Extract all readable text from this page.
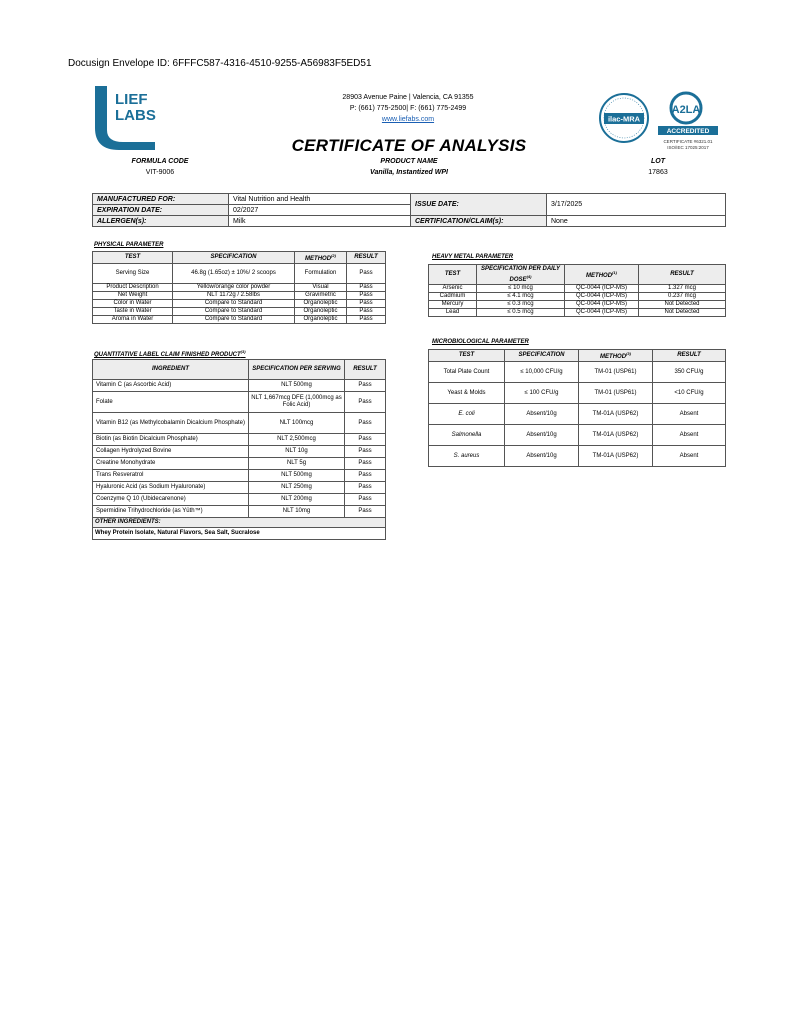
Docusign Envelope ID: 6FFFC587-4316-4510-9255-A56983F5ED51
LIEF
LABS
28903 Avenue Paine | Valencia, CA 91355
P: (661) 775-2500| F: (661) 775-2499
www.liefabs.com	ilac-MRA
A2LA
ACCREDITED
CERTIFICATE #6321.01
ISO/IEC 17025:2017
CERTIFICATE OF ANALYSIS
FORMULA CODE
VIT-9006
PRODUCT NAME
Vanilla, Instantized WPI
LOT
17863
MANUFACTURED FOR:	Vital Nutrition and Health	ISSUE DATE:	3/17/2025
EXPIRATION DATE:	02/2027		
ALLERGEN(s):	Milk	CERTIFICATION/CLAIM(s):	None
PHYSICAL PARAMETER
TEST	SPECIFICATION	METHOD$^{(2)}$	RESULT
Serving Size	46.8g (1.65oz) ± 10%/ 2 scoops	Formulation	Pass
Product Description	Yellow/orange color powder	Visual	Pass
Net Weight	NLT 1172g / 2.58lbs	Gravimetric	Pass
Color in Water	Compare to Standard	Organoleptic	Pass
Taste in Water	Compare to Standard	Organoleptic	Pass
Aroma in Water	Compare to Standard	Organoleptic	Pass
QUANTITATIVE LABEL CLAIM FINISHED PRODUCT$^{(3)}$
INGREDIENT	SPECIFICATION PER SERVING	RESULT
Vitamin C (as Ascorbic Acid)	NLT 500mg	Pass
Folate	NLT 1,667mcg DFE (1,000mcg as Folic Acid)	Pass
Vitamin B12 (as Methylcobalamin Dicalcium Phosphate)	NLT 100mcg	Pass
Biotin (as Biotin Dicalcium Phosphate)	NLT 2,500mcg	Pass
Collagen Hydrolyzed Bovine	NLT 10g	Pass
Creatine Monohydrate	NLT 5g	Pass
Trans Resveratrol	NLT 500mg	Pass
Hyaluronic Acid (as Sodium Hyaluronate)	NLT 250mg	Pass
Coenzyme Q 10 (Ubidecarenone)	NLT 200mg	Pass
Spermidine Trihydrochloride (as Yüth™)	NLT 10mg	Pass
OTHER INGREDIENTS:		
Whey Protein Isolate, Natural Flavors, Sea Salt, Sucralose		
HEAVY METAL PARAMETER
TEST	SPECIFICATION PER DAILY DOSE$^{(4)}$	METHOD$^{(1)}$	RESULT
Arsenic	≤ 10 mcg	QC-0044 (ICP-MS)	1.327 mcg
Cadmium	≤ 4.1 mcg	QC-0044 (ICP-MS)	0.237 mcg
Mercury	≤ 0.3 mcg	QC-0044 (ICP-MS)	Not Detected
Lead	≤ 0.5 mcg	QC-0044 (ICP-MS)	Not Detected
MICROBIOLOGICAL PARAMETER
TEST	SPECIFICATION	METHOD$^{(3)}$	RESULT
Total Plate Count	≤ 10,000 CFU/g	TM-01 (USP61)	350 CFU/g
Yeast & Molds	≤ 100 CFU/g	TM-01 (USP61)	<10 CFU/g
E. coli	Absent/10g	TM-01A (USP62)	Absent
Salmonella	Absent/10g	TM-01A (USP62)	Absent
S. aureus	Absent/10g	TM-01A (USP62)	Absent
